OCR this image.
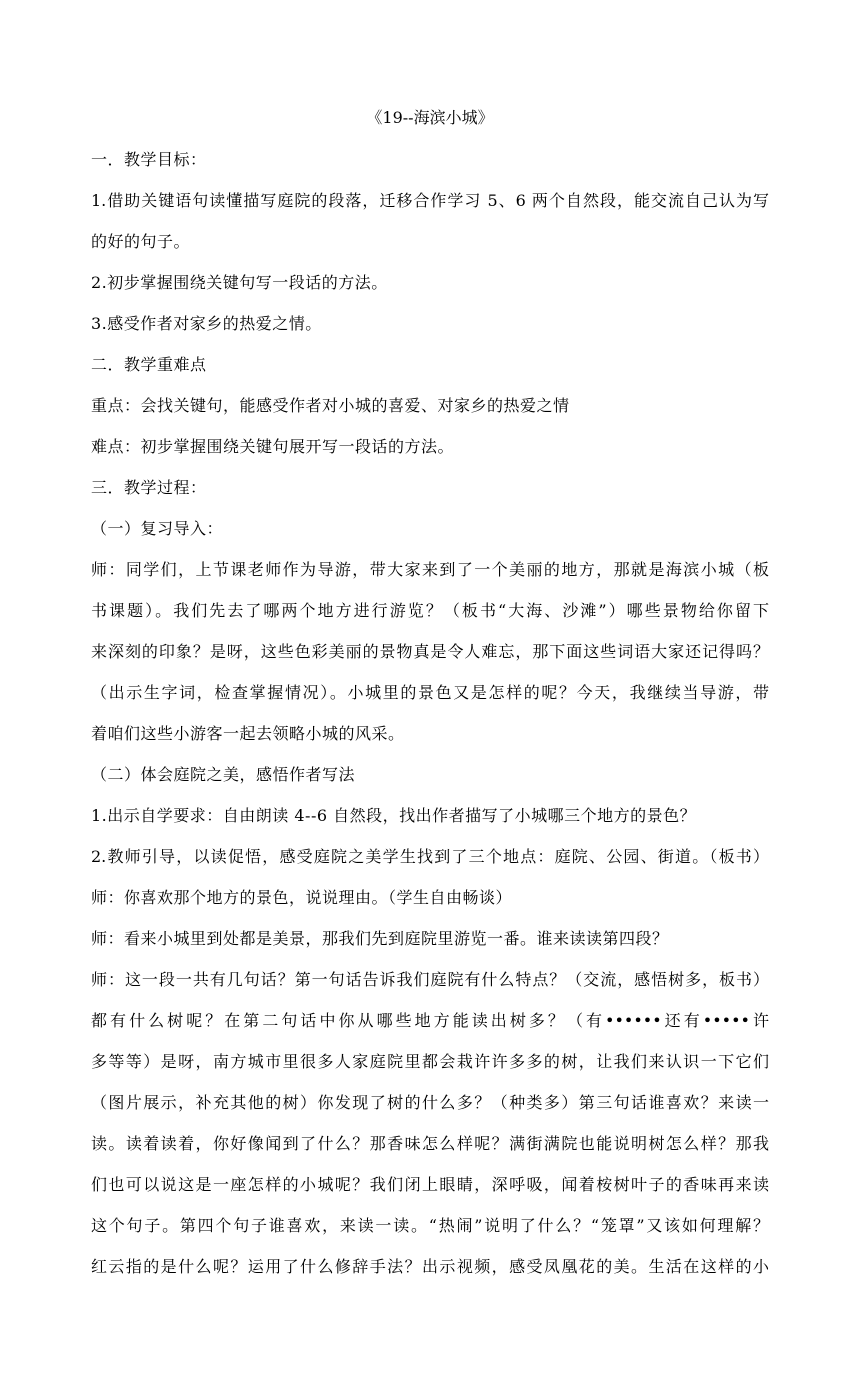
《19--海滨小城》
一．教学目标：
1.借助关键语句读懂描写庭院的段落，迁移合作学习 5、6 两个自然段，能交流自己认为写
的好的句子。
2.初步掌握围绕关键句写一段话的方法。
3.感受作者对家乡的热爱之情。
二．教学重难点
重点：会找关键句，能感受作者对小城的喜爱、对家乡的热爱之情
难点：初步掌握围绕关键句展开写一段话的方法。
三．教学过程：
（一）复习导入：
师：同学们，上节课老师作为导游，带大家来到了一个美丽的地方，那就是海滨小城（板
书课题）。我们先去了哪两个地方进行游览？（板书“大海、沙滩”）哪些景物给你留下
来深刻的印象？是呀，这些色彩美丽的景物真是令人难忘，那下面这些词语大家还记得吗？
（出示生字词，检查掌握情况）。小城里的景色又是怎样的呢？今天，我继续当导游，带
着咱们这些小游客一起去领略小城的风采。
（二）体会庭院之美，感悟作者写法
1.出示自学要求：自由朗读 4--6 自然段，找出作者描写了小城哪三个地方的景色？
2.教师引导，以读促悟，感受庭院之美学生找到了三个地点：庭院、公园、街道。（板书）
师：你喜欢那个地方的景色，说说理由。（学生自由畅谈）
师：看来小城里到处都是美景，那我们先到庭院里游览一番。谁来读读第四段？
师：这一段一共有几句话？第一句话告诉我们庭院有什么特点？（交流，感悟树多，板书）
都有什么树呢？在第二句话中你从哪些地方能读出树多？（有••••••还有•••••许
多等等）是呀，南方城市里很多人家庭院里都会栽许许多多的树，让我们来认识一下它们
（图片展示，补充其他的树）你发现了树的什么多？（种类多）第三句话谁喜欢？来读一
读。读着读着，你好像闻到了什么？那香味怎么样呢？满街满院也能说明树怎么样？那我
们也可以说这是一座怎样的小城呢？我们闭上眼睛，深呼吸，闻着桉树叶子的香味再来读
这个句子。第四个句子谁喜欢，来读一读。“热闹”说明了什么？“笼罩”又该如何理解？
红云指的是什么呢？运用了什么修辞手法？出示视频，感受凤凰花的美。生活在这样的小
